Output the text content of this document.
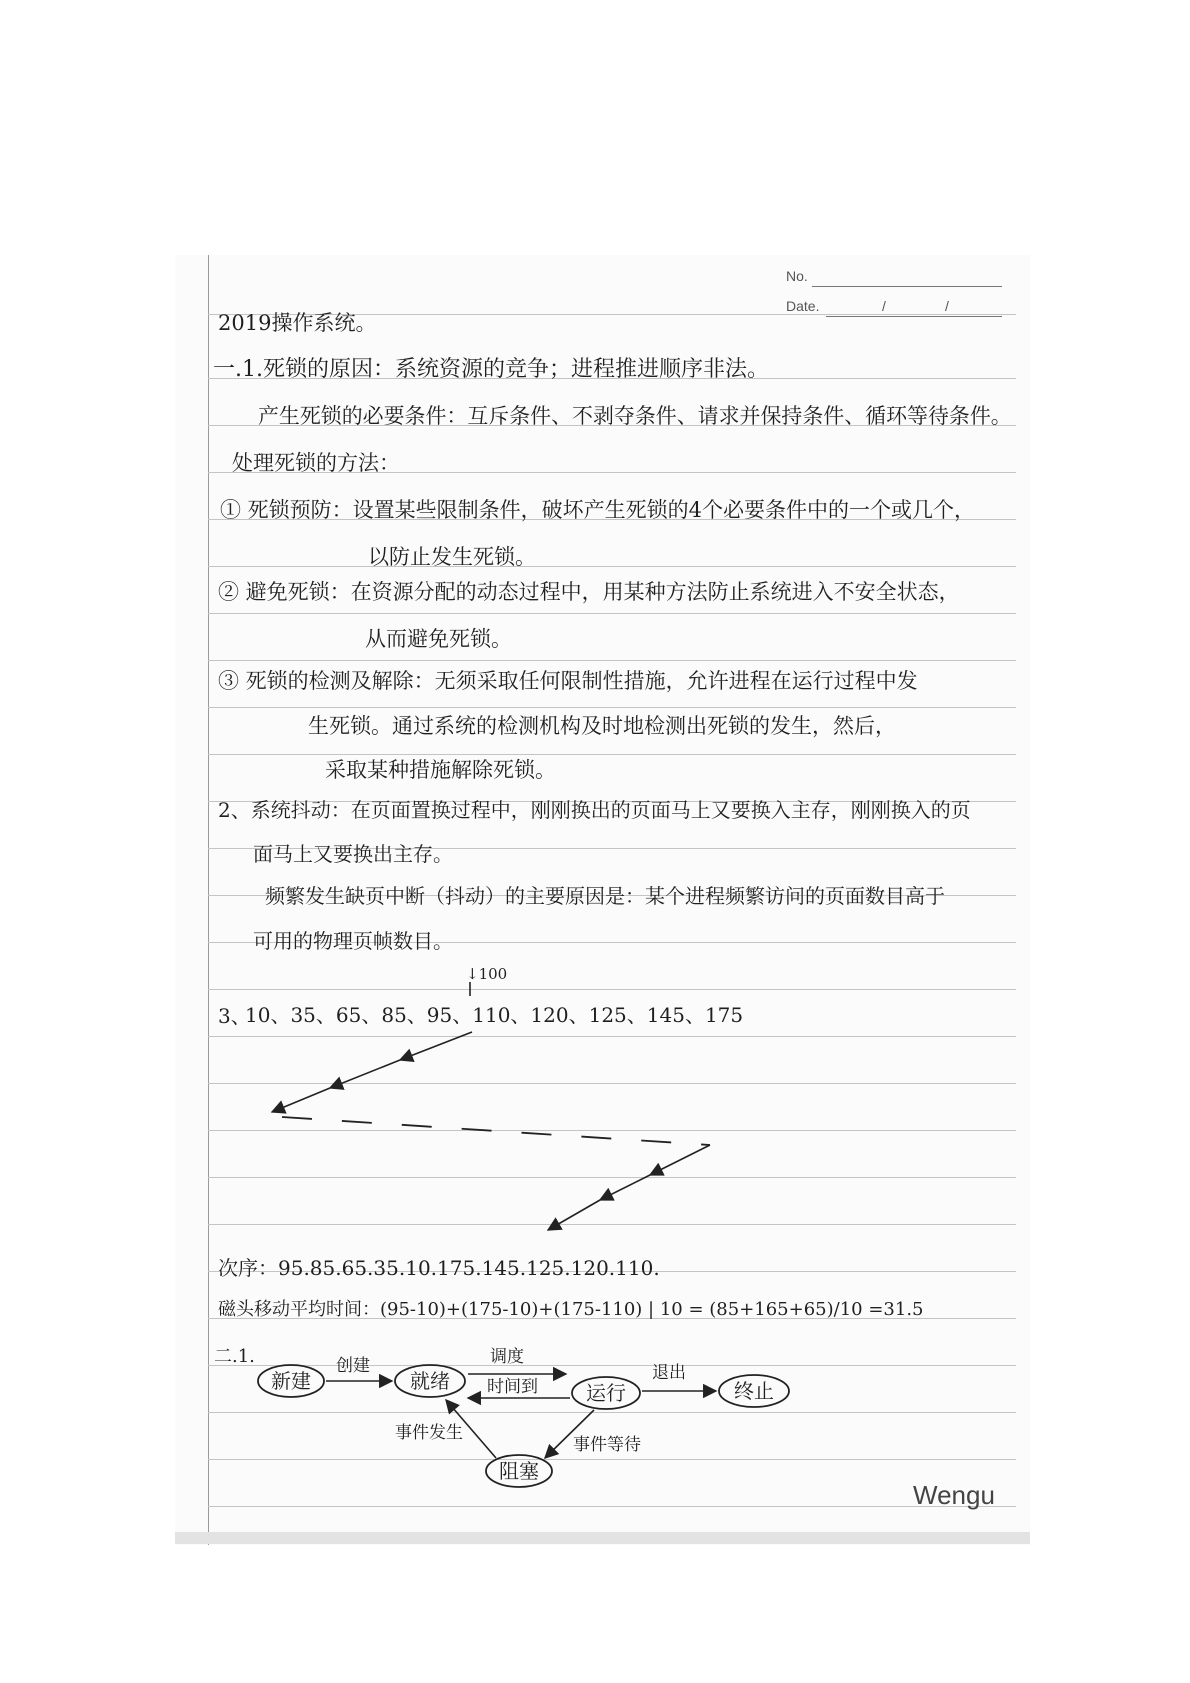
No.
Date.	/	/
2019操作系统。
一.1.死锁的原因：系统资源的竞争；进程推进顺序非法。
产生死锁的必要条件：互斥条件、不剥夺条件、请求并保持条件、循环等待条件。
处理死锁的方法：
① 死锁预防：设置某些限制条件，破坏产生死锁的4个必要条件中的一个或几个，
以防止发生死锁。
② 避免死锁：在资源分配的动态过程中，用某种方法防止系统进入不安全状态，
从而避免死锁。
③ 死锁的检测及解除：无须采取任何限制性措施，允许进程在运行过程中发
生死锁。通过系统的检测机构及时地检测出死锁的发生，然后，
采取某种措施解除死锁。
2、系统抖动：在页面置换过程中，刚刚换出的页面马上又要换入主存，刚刚换入的页
面马上又要换出主存。
频繁发生缺页中断（抖动）的主要原因是：某个进程频繁访问的页面数目高于
可用的物理页帧数目。
↓100
3、
10、35、65、85、95、110、120、125、145、175
次序：95.85.65.35.10.175.145.125.120.110.
磁头移动平均时间：(95-10)+(175-10)+(175-110) | 10 = (85+165+65)/10 =31.5
二.1.
新建	就绪	运行	终止
阻塞
创建	调度
时间到
退出
事件等待
事件发生
Wengu
